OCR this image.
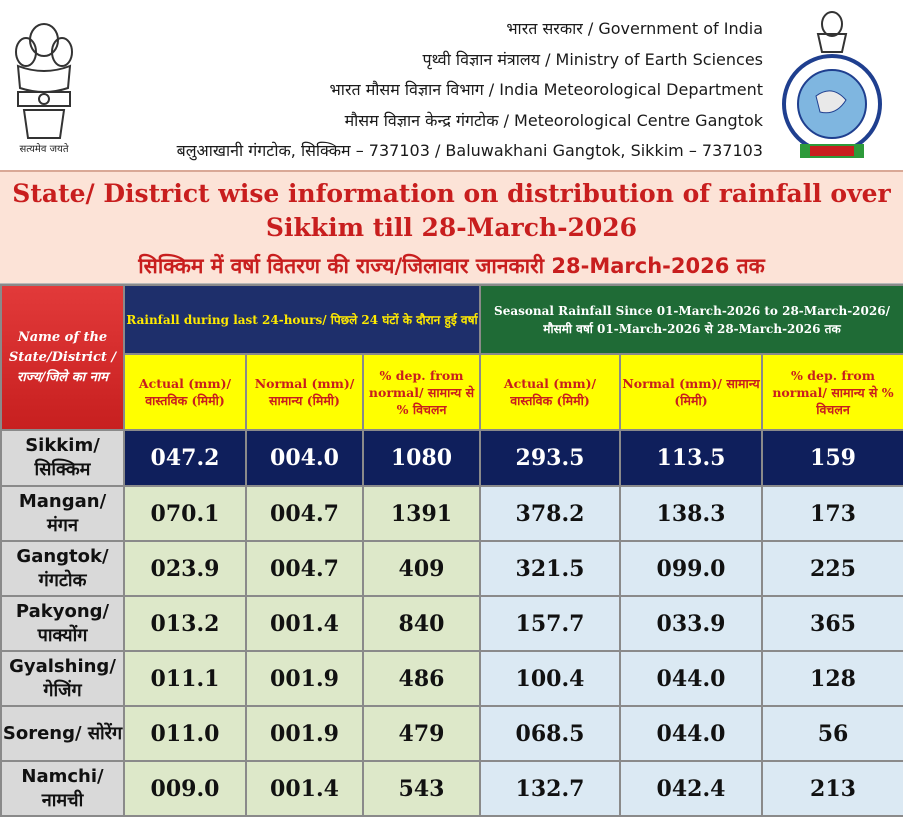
सत्यमेव जयते
भारत सरकार / Government of India
पृथ्वी विज्ञान मंत्रालय / Ministry of Earth Sciences
भारत मौसम विज्ञान विभाग / India Meteorological Department
मौसम विज्ञान केन्द्र गंगटोक / Meteorological Centre Gangtok
बलुआखानी गंगटोक, सिक्किम – 737103 / Baluwakhani Gangtok, Sikkim – 737103
State/ District wise information on distribution of rainfall over
Sikkim till 28-March-2026
सिक्किम में वर्षा वितरण की राज्य/जिलावार जानकारी 28-March-2026 तक
Name of the State/District / राज्य/जिले का नाम	Rainfall during last 24-hours/ पिछले 24 घंटों के दौरान हुई वर्षा			Seasonal Rainfall Since 01-March-2026 to 28-March-2026/ मौसमी वर्षा 01-March-2026 से 28-March-2026 तक		
	Actual (mm)/ वास्तविक (मिमी)	Normal (mm)/ सामान्य (मिमी)	% dep. from normal/ सामान्य से % विचलन	Actual (mm)/ वास्तविक (मिमी)	Normal (mm)/ सामान्य (मिमी)	% dep. from normal/ सामान्य से % विचलन
Sikkim/ सिक्किम	047.2	004.0	1080	293.5	113.5	159
Mangan/ मंगन	070.1	004.7	1391	378.2	138.3	173
Gangtok/ गंगटोक	023.9	004.7	409	321.5	099.0	225
Pakyong/ पाक्योंग	013.2	001.4	840	157.7	033.9	365
Gyalshing/ गेजिंग	011.1	001.9	486	100.4	044.0	128
Soreng/ सोरेंग	011.0	001.9	479	068.5	044.0	56
Namchi/ नामची	009.0	001.4	543	132.7	042.4	213
